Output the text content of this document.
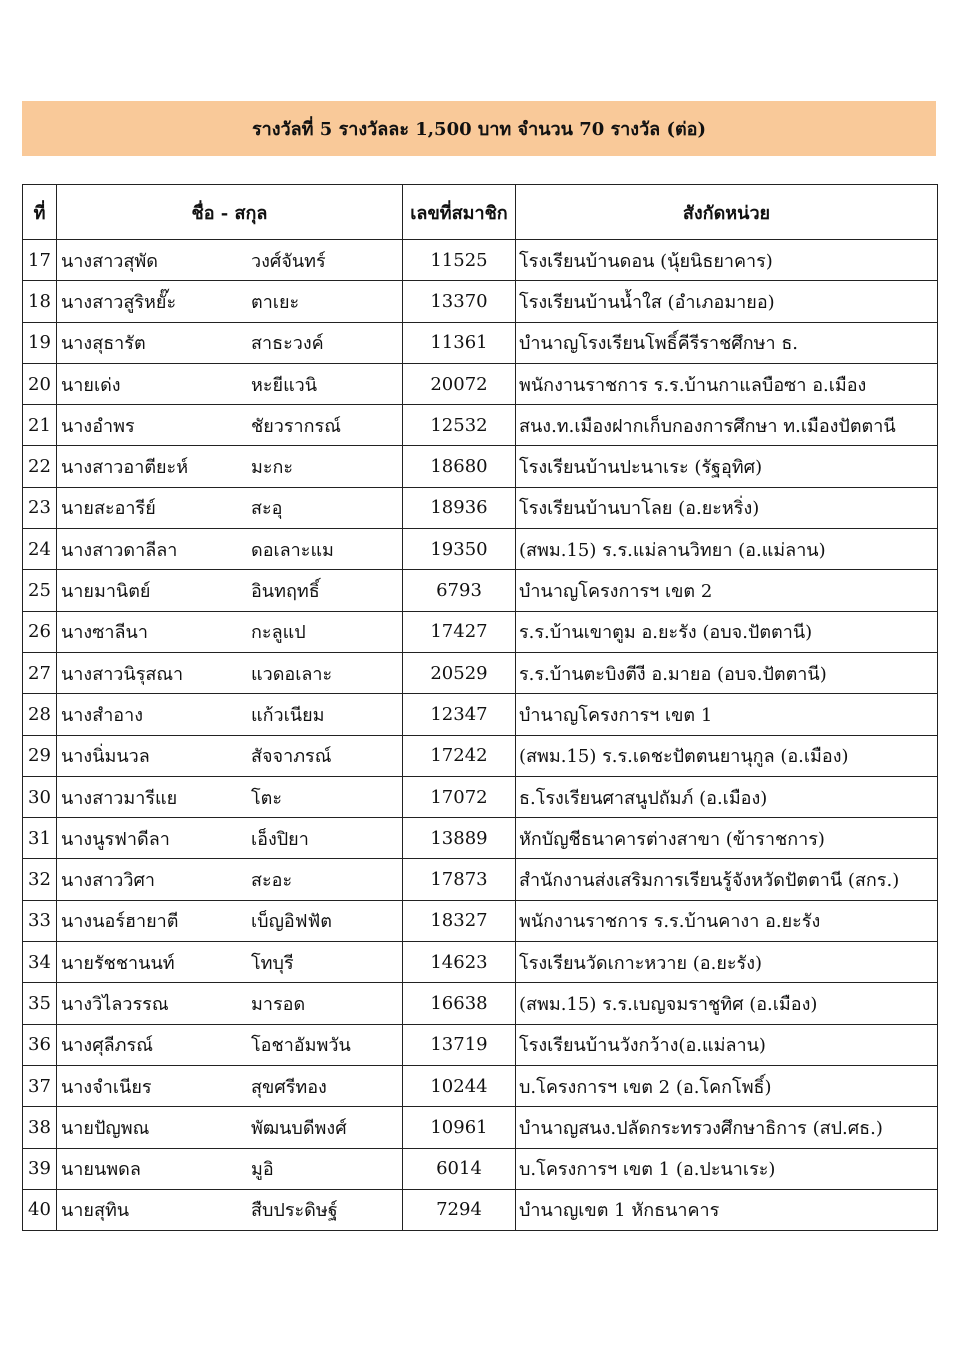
รางวัลที่ 5 รางวัลละ 1,500 บาท จำนวน 70 รางวัล (ต่อ)
ที่	ชื่อ - สกุล	เลขที่สมาชิก	สังกัดหน่วย
17	นางสาวสุพัด วงศ์จันทร์	11525	โรงเรียนบ้านดอน (นุ้ยนิธยาคาร)
18	นางสาวสูริหยั๊ะ ตาเยะ	13370	โรงเรียนบ้านน้ำใส (อำเภอมายอ)
19	นางสุธารัต สาธะวงค์	11361	บำนาญโรงเรียนโพธิ์คีรีราชศึกษา ธ.
20	นายเด่ง หะยีแวนิ	20072	พนักงานราชการ ร.ร.บ้านกาแลบือซา อ.เมือง
21	นางอำพร ชัยวรากรณ์	12532	สนง.ท.เมืองฝากเก็บกองการศึกษา ท.เมืองปัตตานี
22	นางสาวอาตียะห์ มะกะ	18680	โรงเรียนบ้านปะนาเระ (รัฐอุทิศ)
23	นายสะอารีย์ สะอุ	18936	โรงเรียนบ้านบาโลย (อ.ยะหริ่ง)
24	นางสาวดาลีลา ดอเลาะแม	19350	(สพม.15) ร.ร.แม่ลานวิทยา (อ.แม่ลาน)
25	นายมานิตย์ อินทฤทธิ์	6793	บำนาญโครงการฯ เขต 2
26	นางซาลีนา กะลูแป	17427	ร.ร.บ้านเขาตูม อ.ยะรัง (อบจ.ปัตตานี)
27	นางสาวนิรุสณา แวดอเลาะ	20529	ร.ร.บ้านตะบิงตีงี อ.มายอ (อบจ.ปัตตานี)
28	นางสำอาง แก้วเนียม	12347	บำนาญโครงการฯ เขต 1
29	นางนิ่มนวล สัจจาภรณ์	17242	(สพม.15) ร.ร.เดชะปัตตนยานุกูล (อ.เมือง)
30	นางสาวมารีแย โตะ	17072	ธ.โรงเรียนศาสนูปถัมภ์ (อ.เมือง)
31	นางนูรฟาดีลา เอ็งปิยา	13889	หักบัญชีธนาคารต่างสาขา (ข้าราชการ)
32	นางสาววิศา สะอะ	17873	สำนักงานส่งเสริมการเรียนรู้จังหวัดปัตตานี (สกร.)
33	นางนอร์ฮายาตี เบ็ญอิฟฟัต	18327	พนักงานราชการ ร.ร.บ้านคางา อ.ยะรัง
34	นายรัชชานนท์ โทบุรี	14623	โรงเรียนวัดเกาะหวาย (อ.ยะรัง)
35	นางวิไลวรรณ มารอด	16638	(สพม.15) ร.ร.เบญจมราชูทิศ (อ.เมือง)
36	นางศุลีภรณ์ โอชาอัมพวัน	13719	โรงเรียนบ้านวังกว้าง(อ.แม่ลาน)
37	นางจำเนียร สุขศรีทอง	10244	บ.โครงการฯ เขต 2 (อ.โคกโพธิ์)
38	นายปัญพณ พัฒนบดีพงศ์	10961	บำนาญสนง.ปลัดกระทรวงศึกษาธิการ (สป.ศธ.)
39	นายนพดล มูอิ	6014	บ.โครงการฯ เขต 1 (อ.ปะนาเระ)
40	นายสุทิน สืบประดิษฐ์	7294	บำนาญเขต 1 หักธนาคาร
